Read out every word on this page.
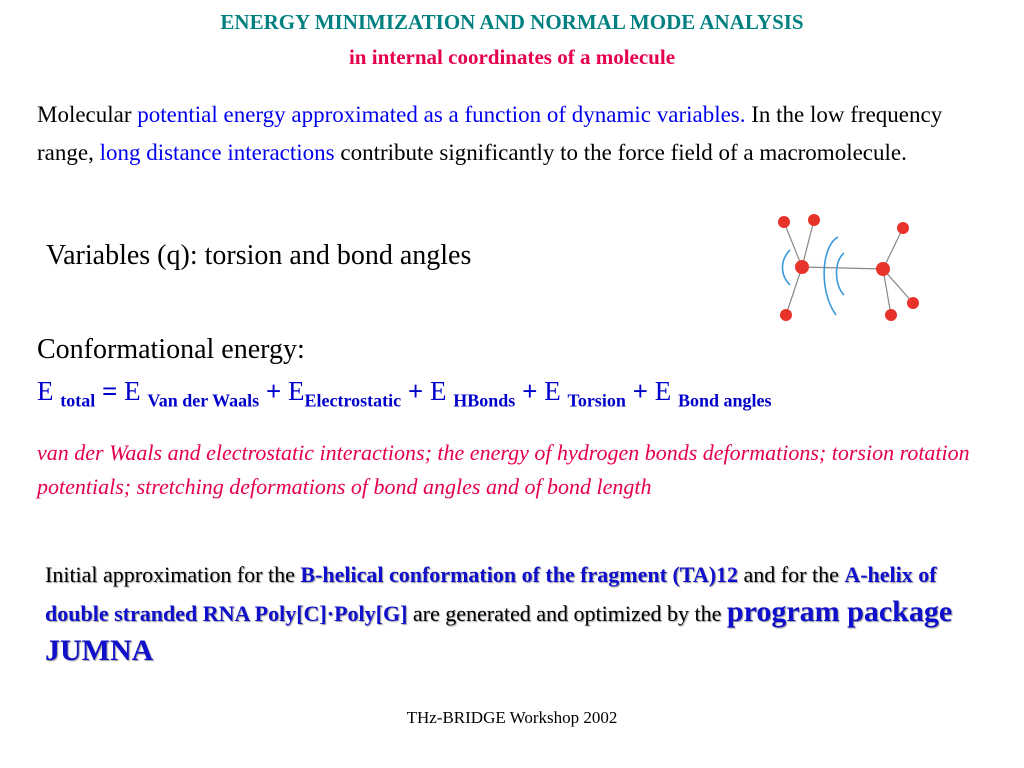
ENERGY MINIMIZATION AND NORMAL MODE ANALYSIS
in internal coordinates of a molecule
Molecular potential energy approximated as a function of dynamic variables. In the low frequency range, long distance interactions contribute significantly to the force field of a macromolecule.
Variables (q): torsion and bond angles
Conformational energy:
E $_{total}$ = E $_{Van der Waals} + E_{Electrostatic} + E$ $_{HBonds}$ + E $_{Torsion}$ + E $_{Bond angles}$
van der Waals and electrostatic interactions; the energy of hydrogen bonds deformations; torsion rotation potentials; stretching deformations of bond angles and of bond length
Initial approximation for the B-helical conformation of the fragment (TA)12 and for the A-helix of double stranded RNA Poly[C]·Poly[G] are generated and optimized by the program package JUMNA
THz-BRIDGE Workshop 2002
